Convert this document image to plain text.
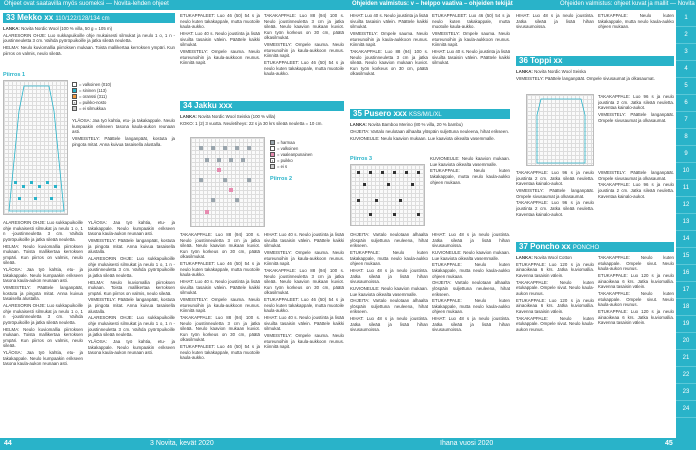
Ohjeet ovat saatavilla myös suomeksi — Novita-lehden ohjeet	Ohjeiden valmistus: v – helppo vaativa – ohjeiden tekijät	Ohjeiden valmistus: ohjeet kuvat ja mallit — Novita
33 Mekko xx 110/122/128/134 cm

LANKA: Novita Nordic Wool (100 % villa, 50 g = 105 m)

ALARESORIN OHJE: Luo sukkapuikoille ohje mukaisesti silmukat ja neulo 1 o, 1 n -joustinneuletta 3 cm. Vaihda pyöröpuikoille ja jatka sileää neuletta.

HELMA: Neulo kuviomallia piirroksen mukaan. Toista mallikertaa kerroksen ympäri. Kun piirros on valmis, neulo sileää.

Piirros 1
= valkoinen (010)
= sininen (113)
= oranssi (311)
× = puikko-nosto
= ei silmukkaa

YLÄOSA: Jaa työ kahtia, etu- ja takakappale. Neulo kumpaakin erikseen tasona kaula-aukon reunaan asti.

VIIMEISTELY: Päättele langanpäät, kostuta ja pingota mitat. Anna kuivua tasaisella alustalla.

ALARESORIN OHJE: Luo sukkapuikoille ohje mukaisesti silmukat ja neulo 1 o, 1 n -joustinneuletta 3 cm. Vaihda pyöröpuikoille ja jatka sileää neuletta.

HELMA: Neulo kuviomallia piirroksen mukaan. Toista mallikertaa kerroksen ympäri. Kun piirros on valmis, neulo sileää.

YLÄOSA: Jaa työ kahtia, etu- ja takakappale. Neulo kumpaakin erikseen tasona kaula-aukon reunaan asti.

VIIMEISTELY: Päättele langanpäät, kostuta ja pingota mitat. Anna kuivua tasaisella alustalla.

ALARESORIN OHJE: Luo sukkapuikoille ohje mukaisesti silmukat ja neulo 1 o, 1 n -joustinneuletta 3 cm. Vaihda pyöröpuikoille ja jatka sileää neuletta.

HELMA: Neulo kuviomallia piirroksen mukaan. Toista mallikertaa kerroksen ympäri. Kun piirros on valmis, neulo sileää.

YLÄOSA: Jaa työ kahtia, etu- ja takakappale. Neulo kumpaakin erikseen tasona kaula-aukon reunaan asti.

YLÄOSA: Jaa työ kahtia, etu- ja takakappale. Neulo kumpaakin erikseen tasona kaula-aukon reunaan asti.

VIIMEISTELY: Päättele langanpäät, kostuta ja pingota mitat. Anna kuivua tasaisella alustalla.

ALARESORIN OHJE: Luo sukkapuikoille ohje mukaisesti silmukat ja neulo 1 o, 1 n -joustinneuletta 3 cm. Vaihda pyöröpuikoille ja jatka sileää neuletta.

HELMA: Neulo kuviomallia piirroksen mukaan. Toista mallikertaa kerroksen ympäri. Kun piirros on valmis, neulo sileää.

VIIMEISTELY: Päättele langanpäät, kostuta ja pingota mitat. Anna kuivua tasaisella alustalla.

ALARESORIN OHJE: Luo sukkapuikoille ohje mukaisesti silmukat ja neulo 1 o, 1 n -joustinneuletta 3 cm. Vaihda pyöröpuikoille ja jatka sileää neuletta.

YLÄOSA: Jaa työ kahtia, etu- ja takakappale. Neulo kumpaakin erikseen tasona kaula-aukon reunaan asti.

ETUKAPPALEET: Luo 46 (50) 54 s ja neulo kuten takakappale, mutta muotoile kaula-aukko.

HIHAT: Luo 40 s. Neulo joustinta ja lisää sivuilta tasaisin välein. Päättele kaikki silmukat.

VIIMEISTELY: Ompele sauma. Neulo etureunoihin ja kaula-aukkoon reunus. Kiinnitä napit.

TAKAKAPPALE: Luo 88 (94) 100 s. Neulo joustinneuletta 3 cm ja jatka sileää. Neulo kaavion mukaan kuviot. Kun työn korkeus on 30 cm, päätä olkasilmukat.

VIIMEISTELY: Ompele sauma. Neulo etureunoihin ja kaula-aukkoon reunus. Kiinnitä napit.

ETUKAPPALEET: Luo 46 (50) 54 s ja neulo kuten takakappale, mutta muotoile kaula-aukko.

34 Jakku xxx

LANKA: Novita Nordic Wool Seiska (100 % villa)

KOKO: 1 (2) 3 vuotta. Neuletiheys: 22 s ja 30 krs sileää neuletta = 10 cm.

= harmaa
= valkoinen
= vaaleanpunainen
• = puikko
= ei s
Piirros 2

TAKAKAPPALE: Luo 88 (94) 100 s. Neulo joustinneuletta 3 cm ja jatka sileää. Neulo kaavion mukaan kuviot. Kun työn korkeus on 30 cm, päätä olkasilmukat.

ETUKAPPALEET: Luo 46 (50) 54 s ja neulo kuten takakappale, mutta muotoile kaula-aukko.

HIHAT: Luo 40 s. Neulo joustinta ja lisää sivuilta tasaisin välein. Päättele kaikki silmukat.

VIIMEISTELY: Ompele sauma. Neulo etureunoihin ja kaula-aukkoon reunus. Kiinnitä napit.

TAKAKAPPALE: Luo 88 (94) 100 s. Neulo joustinneuletta 3 cm ja jatka sileää. Neulo kaavion mukaan kuviot. Kun työn korkeus on 30 cm, päätä olkasilmukat.

ETUKAPPALEET: Luo 46 (50) 54 s ja neulo kuten takakappale, mutta muotoile kaula-aukko.

HIHAT: Luo 40 s. Neulo joustinta ja lisää sivuilta tasaisin välein. Päättele kaikki silmukat.

VIIMEISTELY: Ompele sauma. Neulo etureunoihin ja kaula-aukkoon reunus. Kiinnitä napit.

TAKAKAPPALE: Luo 88 (94) 100 s. Neulo joustinneuletta 3 cm ja jatka sileää. Neulo kaavion mukaan kuviot. Kun työn korkeus on 30 cm, päätä olkasilmukat.

ETUKAPPALEET: Luo 46 (50) 54 s ja neulo kuten takakappale, mutta muotoile kaula-aukko.

HIHAT: Luo 40 s. Neulo joustinta ja lisää sivuilta tasaisin välein. Päättele kaikki silmukat.

VIIMEISTELY: Ompele sauma. Neulo etureunoihin ja kaula-aukkoon reunus. Kiinnitä napit.

HIHAT: Luo 40 s. Neulo joustinta ja lisää sivuilta tasaisin välein. Päättele kaikki silmukat.

VIIMEISTELY: Ompele sauma. Neulo etureunoihin ja kaula-aukkoon reunus. Kiinnitä napit.

TAKAKAPPALE: Luo 88 (94) 100 s. Neulo joustinneuletta 3 cm ja jatka sileää. Neulo kaavion mukaan kuviot. Kun työn korkeus on 30 cm, päätä olkasilmukat.

ETUKAPPALEET: Luo 46 (50) 54 s ja neulo kuten takakappale, mutta muotoile kaula-aukko.

VIIMEISTELY: Ompele sauma. Neulo etureunoihin ja kaula-aukkoon reunus. Kiinnitä napit.

HIHAT: Luo 40 s. Neulo joustinta ja lisää sivuilta tasaisin välein. Päättele kaikki silmukat.

35 Pusero xxx KSS/M/L/XL

LANKA: Novita Bamboo Merino (80 % villa, 20 % bambu)

OHJEITA: Vartalo neulotaan alhaalta ylöspäin suljettuna neuleena, hihat erikseen.

KUVIONEULE: Neulo kaavion mukaan. Lue kaaviota oikealta vasemmalle.

Piirros 3	KUVIONEULE: Neulo kaavion mukaan. Lue kaaviota oikealta vasemmalle.

ETUKAPPALE: Neulo kuten takakappale, mutta neulo kaula-aukko ohjeen mukaan.

OHJEITA: Vartalo neulotaan alhaalta ylöspäin suljettuna neuleena, hihat erikseen.

ETUKAPPALE: Neulo kuten takakappale, mutta neulo kaula-aukko ohjeen mukaan.

HIHAT: Luo 48 s ja neulo joustinta. Jatka sileää ja lisää hihan sivusaumoissa.

KUVIONEULE: Neulo kaavion mukaan. Lue kaaviota oikealta vasemmalle.

OHJEITA: Vartalo neulotaan alhaalta ylöspäin suljettuna neuleena, hihat erikseen.

HIHAT: Luo 48 s ja neulo joustinta. Jatka sileää ja lisää hihan sivusaumoissa.

HIHAT: Luo 48 s ja neulo joustinta. Jatka sileää ja lisää hihan sivusaumoissa.

KUVIONEULE: Neulo kaavion mukaan. Lue kaaviota oikealta vasemmalle.

ETUKAPPALE: Neulo kuten takakappale, mutta neulo kaula-aukko ohjeen mukaan.

OHJEITA: Vartalo neulotaan alhaalta ylöspäin suljettuna neuleena, hihat erikseen.

ETUKAPPALE: Neulo kuten takakappale, mutta neulo kaula-aukko ohjeen mukaan.

HIHAT: Luo 48 s ja neulo joustinta. Jatka sileää ja lisää hihan sivusaumoissa.

HIHAT: Luo 48 s ja neulo joustinta. Jatka sileää ja lisää hihan sivusaumoissa.

ETUKAPPALE: Neulo kuten takakappale, mutta neulo kaula-aukko ohjeen mukaan.

36 Toppi xx

LANKA: Novita Nordic Wool Seiska

VIIMEISTELY: Päättele langanpäät. Ompele sivusaumat ja olkasaumat.

TAKAKAPPALE: Luo 96 s ja neulo joustinta 2 cm. Jatka sileää neuletta. Kaventaa kainalo-aukot.

VIIMEISTELY: Päättele langanpäät. Ompele sivusaumat ja olkasaumat.

TAKAKAPPALE: Luo 96 s ja neulo joustinta 2 cm. Jatka sileää neuletta. Kaventaa kainalo-aukot.

VIIMEISTELY: Päättele langanpäät. Ompele sivusaumat ja olkasaumat.

TAKAKAPPALE: Luo 96 s ja neulo joustinta 2 cm. Jatka sileää neuletta. Kaventaa kainalo-aukot.

VIIMEISTELY: Päättele langanpäät. Ompele sivusaumat ja olkasaumat.

TAKAKAPPALE: Luo 96 s ja neulo joustinta 2 cm. Jatka sileää neuletta. Kaventaa kainalo-aukot.

37 Poncho xx PONCHO

LANKA: Novita Wool Cotton

ETUKAPPALE: Luo 120 s ja neulo ainaoikeaa 6 krs. Jatka kuviomallia. Kavenna tasaisin välein.

TAKAKAPPALE: Neulo kuten etukappale. Ompele sivut. Neulo kaula-aukon reunus.

ETUKAPPALE: Luo 120 s ja neulo ainaoikeaa 6 krs. Jatka kuviomallia. Kavenna tasaisin välein.

TAKAKAPPALE: Neulo kuten etukappale. Ompele sivut. Neulo kaula-aukon reunus.

TAKAKAPPALE: Neulo kuten etukappale. Ompele sivut. Neulo kaula-aukon reunus.

ETUKAPPALE: Luo 120 s ja neulo ainaoikeaa 6 krs. Jatka kuviomallia. Kavenna tasaisin välein.

TAKAKAPPALE: Neulo kuten etukappale. Ompele sivut. Neulo kaula-aukon reunus.

ETUKAPPALE: Luo 120 s ja neulo ainaoikeaa 6 krs. Jatka kuviomallia. Kavenna tasaisin välein.

1
2
3
4
5
6
7
8
9
10
11
12
13
14
15
16
17
18
19
20
21
22
23
24
44	3 Novita, kevät 2020	Ihana vuosi 2020	45
